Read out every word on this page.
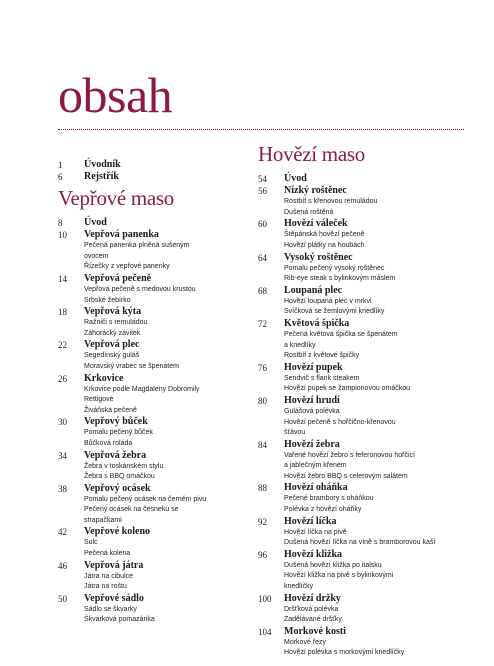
obsah
1	Úvodník
6	Rejstřík
Vepřové maso
8	Úvod
10	Vepřová panenka
Pečená panenka plněná sušeným
ovocem
Řízečky z vepřové panenky
14	Vepřová pečeně
Vepřová pečeně s medovou krustou
Srbské žebírko
18	Vepřová kýta
Ražniči s remuládou
Záhorácký závitek
22	Vepřová plec
Segedínský guláš
Moravský vrabec se špenátem
26	Krkovice
Krkovice podle Magdaleny Dobromily
Rettigové
Živáňská pečeně
30	Vepřový bůček
Pomalu pečený bůček
Bůčková roláda
34	Vepřová žebra
Žebra v toskánském stylu
Žebra s BBQ omáčkou
38	Vepřový ocásek
Pomalu pečený ocásek na černém pivu
Pečený ocásek na česneku se
strapačkami
42	Vepřové koleno
Sulc
Pečená kolena
46	Vepřová játra
Játra na cibulce
Játra na roštu
50	Vepřové sádlo
Sádlo se škvarky
Škvarková pomazánka
Hovězí maso
54	Úvod
56	Nízký roštěnec
Rostbíf s křenovou remuládou
Dušená roštěná
60	Hovězí váleček
Štěpánská hovězí pečeně
Hovězí plátky na houbách
64	Vysoký roštěnec
Pomalu pečený vysoký roštěnec
Rib-eye steak s bylinkovým máslem
68	Loupaná plec
Hovězí loupaná plec v mrkvi
Svíčková se žemlovými knedlíky
72	Květová špička
Pečená květová špička se špenátem
a knedlíky
Rostbíf z květové špičky
76	Hovězí pupek
Sendvič s flank steakem
Hovězí pupek se žampionovou omáčkou
80	Hovězí hrudí
Gulášová polévka
Hovězí pečeně s hořčično-křenovou
šťávou
84	Hovězí žebra
Vařené hovězí žebro s feferonovou hořčicí
a jablečným křenem
Hovězí žebro BBQ s celerovým salátem
88	Hovězí oháňka
Pečené brambory s oháňkou
Polévka z hovězí oháňky
92	Hovězí líčka
Hovězí líčka na pivě
Dušená hovězí líčka na víně s bramborovou kaší
96	Hovězí kližka
Dušená hovězí kližka po italsku
Hovězí kližka na pivě s bylinkovými
knedlíčky
100	Hovězí držky
Dršťková polévka
Zadělávané dršťky
104	Morkové kosti
Morkové řezy
Hovězí polévka s morkovými knedlíčky
